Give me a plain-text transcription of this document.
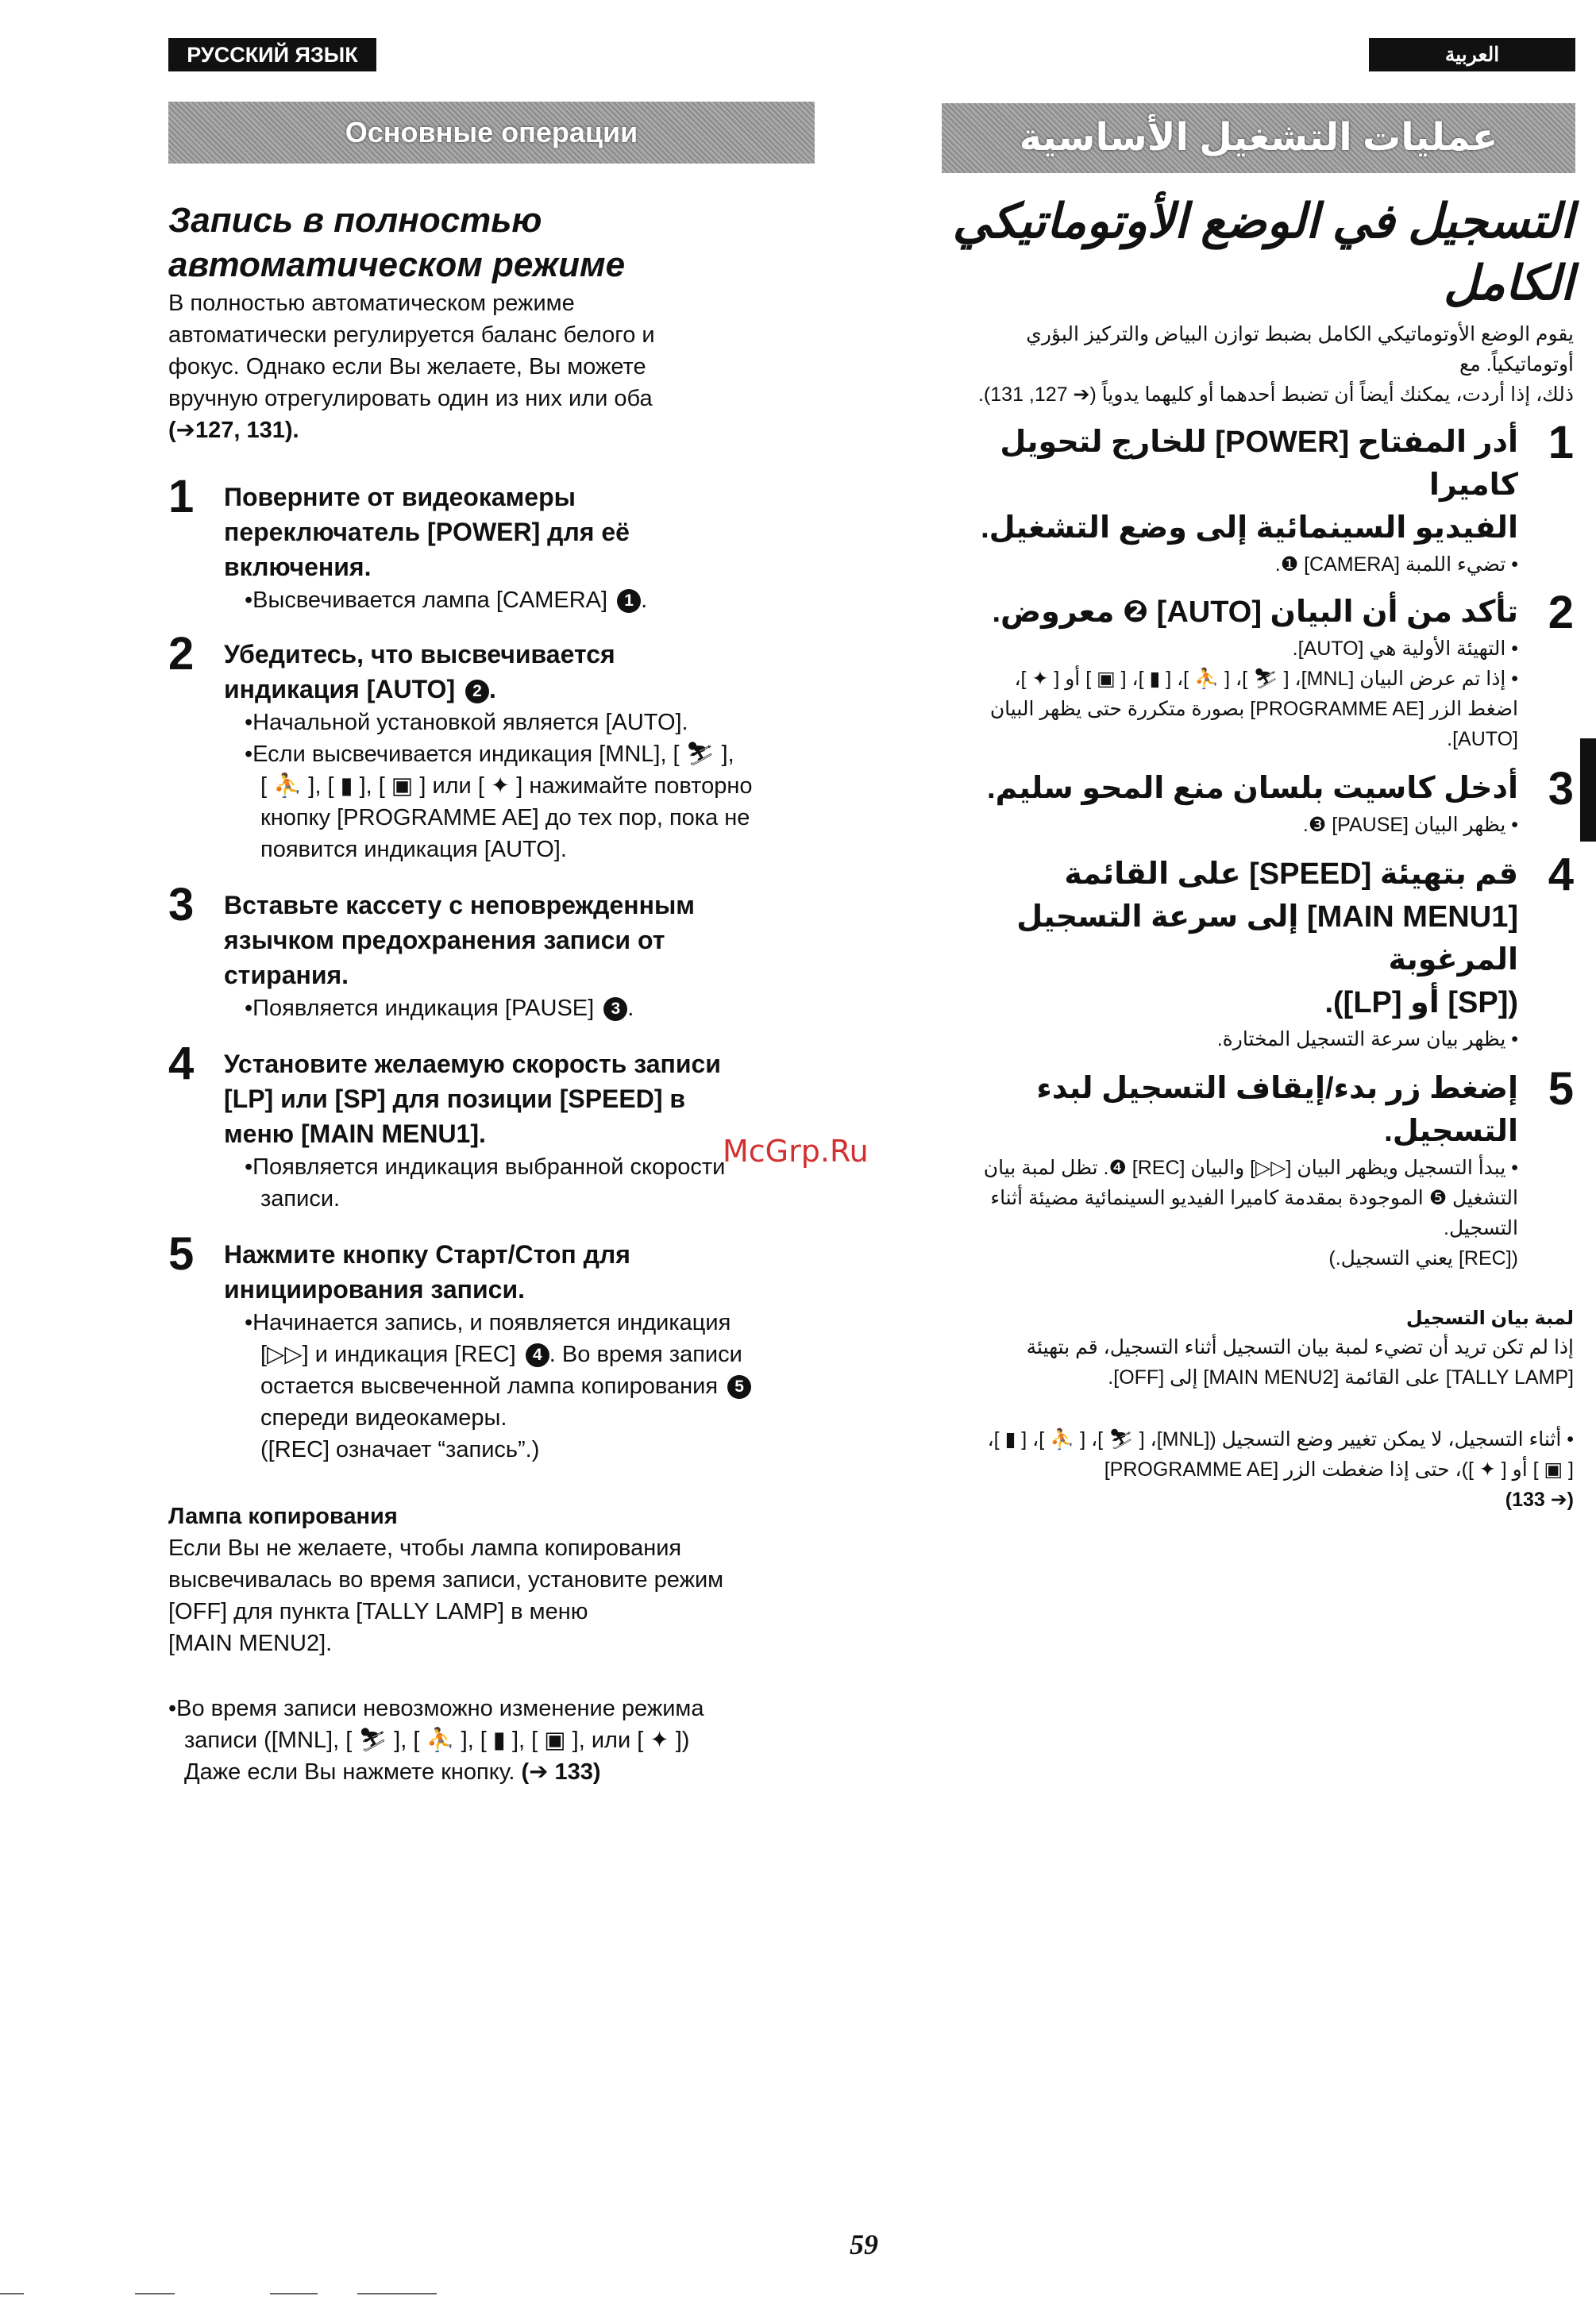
РУССКИЙ ЯЗЫК	العربية
Основные операции	عمليات التشغيل الأساسية
Запись в полностью
автоматическом режиме
В полностью автоматическом режиме
автоматически регулируется баланс белого и
фокус. Однако если Вы желаете, Вы можете
вручную отрегулировать один из них или оба
(➔127, 131).
1 Поверните от видеокамеры
переключатель [POWER] для её
включения.
•Высвечивается лампа [CAMERA] 1 .
2 Убедитесь, что высвечивается
индикация [AUTO] 2 .
•Начальной установкой является [AUTO].
•Если высвечивается индикация [MNL], [ ⛷ ],
[ ⛹ ], [ ▮ ], [ ▣ ] или [ ✦ ] нажимайте повторно
кнопку [PROGRAMME AE] до тех пор, пока не
появится индикация [AUTO].
3 Вставьте кассету с неповрежденным
язычком предохранения записи от
стирания.
•Появляется индикация [PAUSE] 3 .
4 Установите желаемую скорость записи
[LP] или [SP] для позиции [SPEED] в
меню [MAIN MENU1].
•Появляется индикация выбранной скорости
записи.
5 Нажмите кнопку Старт/Стоп для
инициирования записи.
•Начинается запись, и появляется индикация
[▷▷] и индикация [REC] 4 . Во время записи
остается высвеченной лампа копирования 5
спереди видеокамеры.
([REC] означает “запись”.)
Лампа копирования
Если Вы не желаете, чтобы лампа копирования
высвечивалась во время записи, установите режим
[OFF] для пункта [TALLY LAMP] в меню
[MAIN MENU2].
•Во время записи невозможно изменение режима
записи ([MNL], [ ⛷ ], [ ⛹ ], [ ▮ ], [ ▣ ], или [ ✦ ])
Даже если Вы нажмете кнопку. (➔ 133)
التسجيل في الوضع الأوتوماتيكي
الكامل
يقوم الوضع الأوتوماتيكي الكامل بضبط توازن البياض والتركيز البؤري أوتوماتيكياً. مع
ذلك، إذا أردت، يمكنك أيضاً أن تضبط أحدهما أو كليهما يدوياً (➔ 127, 131).
1
أدر المفتاح [POWER] للخارج لتحويل كاميرا
الفيديو السينمائية إلى وضع التشغيل.
• تضيء اللمبة [CAMERA] ❶.
2
تأكد من أن البيان [AUTO] ❷ معروض.
• التهيئة الأولية هي [AUTO].
• إذا تم عرض البيان [MNL]، [ ⛷ ]، [ ⛹ ]، [ ▮ ]، [ ▣ ] أو [ ✦ ]،
اضغط الزر [PROGRAMME AE] بصورة متكررة حتى يظهر البيان
[AUTO].
3
أدخل كاسيت بلسان منع المحو سليم.
• يظهر البيان [PAUSE] ❸.
4
قم بتهيئة [SPEED] على القائمة
[MAIN MENU1] إلى سرعة التسجيل المرغوبة
([SP] أو [LP]).
• يظهر بيان سرعة التسجيل المختارة.
5
إضغط زر بدء/إيقاف التسجيل لبدء التسجيل.
• يبدأ التسجيل ويظهر البيان [▷▷] والبيان [REC] ❹. تظل لمبة بيان
التشغيل ❺ الموجودة بمقدمة كاميرا الفيديو السينمائية مضيئة أثناء التسجيل.
([REC] يعني التسجيل.)
لمبة بيان التسجيل
إذا لم تكن تريد أن تضيء لمبة بيان التسجيل أثناء التسجيل، قم بتهيئة
[TALLY LAMP] على القائمة [MAIN MENU2] إلى [OFF].
• أثناء التسجيل، لا يمكن تغيير وضع التسجيل ([MNL]، [ ⛷ ]، [ ⛹ ]، [ ▮ ]،
[ ▣ ] أو [ ✦ ])، حتى إذا ضغطت الزر [PROGRAMME AE]
(➔ 133)
McGrp.Ru
59
